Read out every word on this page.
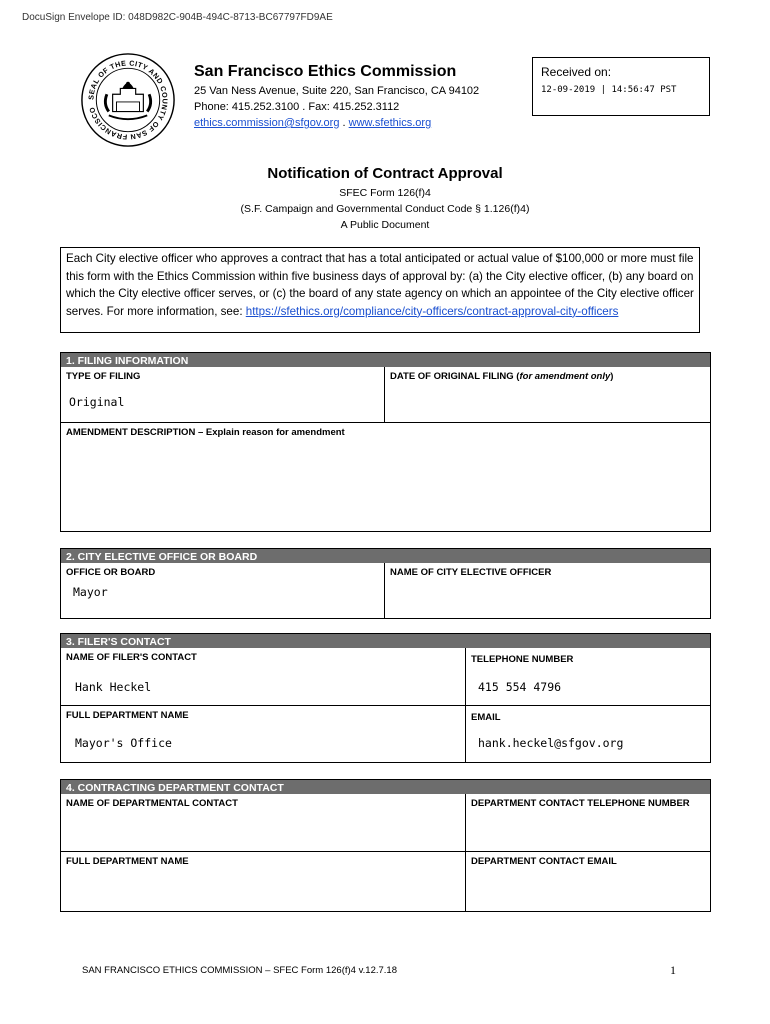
DocuSign Envelope ID: 048D982C-904B-494C-8713-BC67797FD9AE
SEAL OF THE CITY AND COUNTY OF SAN FRANCISCO
San Francisco Ethics Commission
25 Van Ness Avenue, Suite 220, San Francisco, CA 94102
Phone: 415.252.3100 . Fax: 415.252.3112
ethics.commission@sfgov.org . www.sfethics.org
Received on:
12-09-2019 | 14:56:47 PST
Notification of Contract Approval
SFEC Form 126(f)4
(S.F. Campaign and Governmental Conduct Code § 1.126(f)4)
A Public Document
Each City elective officer who approves a contract that has a total anticipated or actual value of $100,000 or more must file this form with the Ethics Commission within five business days of approval by: (a) the City elective officer, (b) any board on which the City elective officer serves, or (c) the board of any state agency on which an appointee of the City elective officer serves. For more information, see: https://sfethics.org/compliance/city-officers/contract-approval-city-officers
1. FILING INFORMATION
TYPE OF FILING
Original
DATE OF ORIGINAL FILING (for amendment only)
AMENDMENT DESCRIPTION – Explain reason for amendment
2. CITY ELECTIVE OFFICE OR BOARD
OFFICE OR BOARD
Mayor
NAME OF CITY ELECTIVE OFFICER
3. FILER'S CONTACT
NAME OF FILER'S CONTACT
Hank Heckel
TELEPHONE NUMBER
415 554 4796
FULL DEPARTMENT NAME
Mayor's Office
EMAIL
hank.heckel@sfgov.org
4. CONTRACTING DEPARTMENT CONTACT
NAME OF DEPARTMENTAL CONTACT	DEPARTMENT CONTACT TELEPHONE NUMBER
FULL DEPARTMENT NAME	DEPARTMENT CONTACT EMAIL
SAN FRANCISCO ETHICS COMMISSION – SFEC Form 126(f)4 v.12.7.18	1
